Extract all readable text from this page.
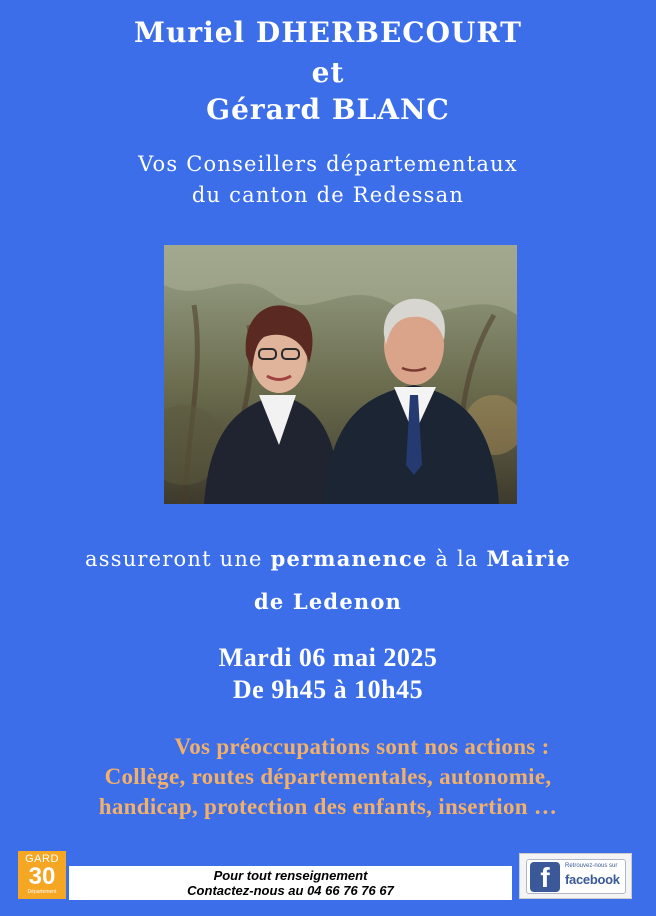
Muriel DHERBECOURT
et
Gérard BLANC
Vos Conseillers départementaux
du canton de Redessan
assureront une permanence à la Mairie
de Ledenon
Mardi 06 mai 2025
De 9h45 à 10h45
Vos préoccupations sont nos actions :
Collège, routes départementales, autonomie,
handicap, protection des enfants, insertion …
GARD
30
Département
Pour tout renseignement
Contactez-nous au 04 66 76 76 67	f	Retrouvez-nous sur
facebook
